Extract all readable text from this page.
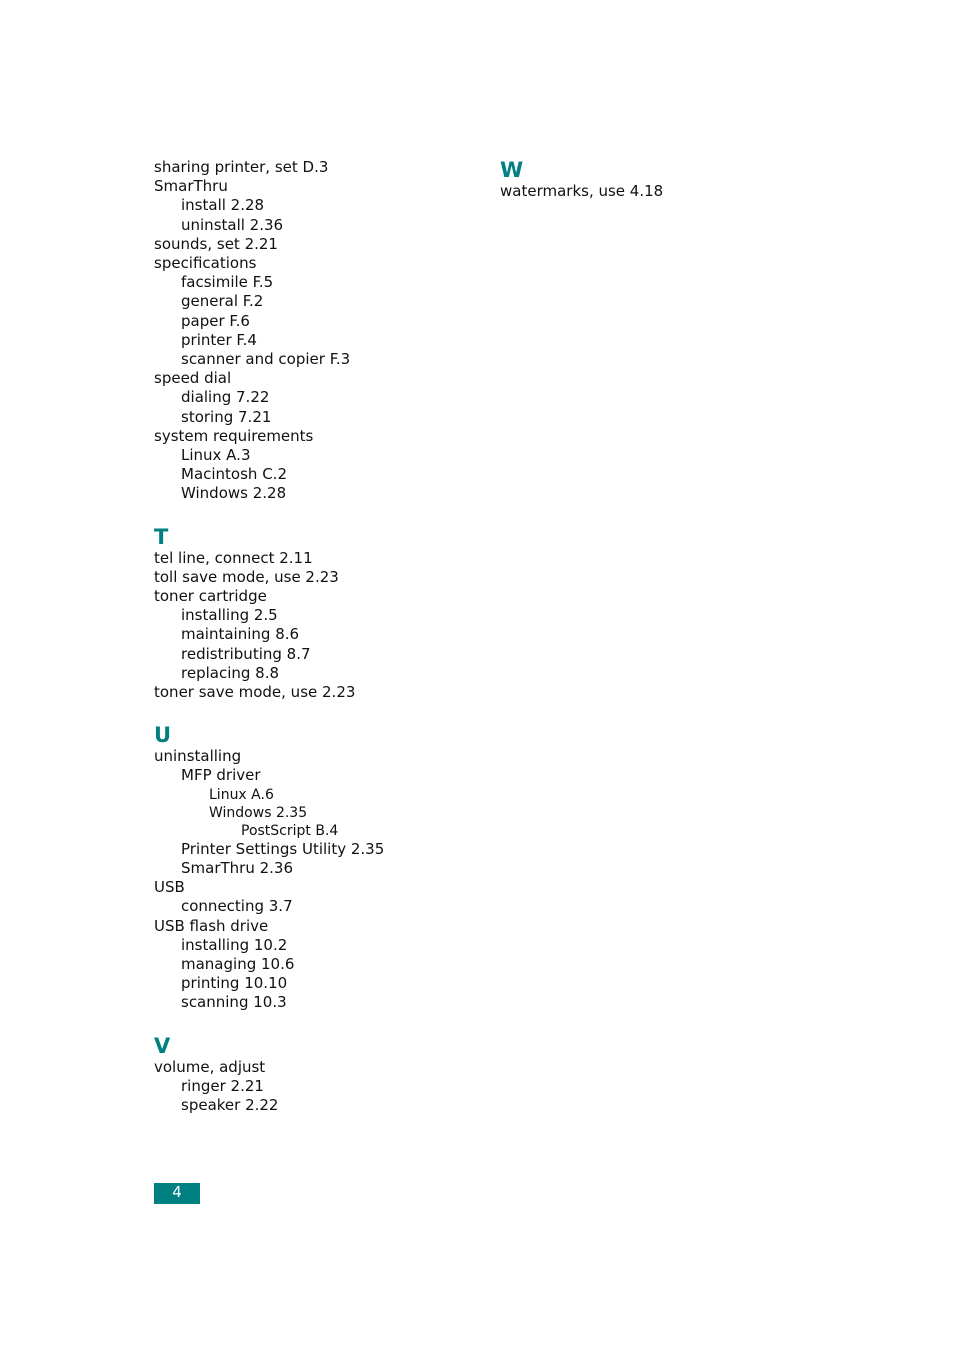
sharing printer, set D.3
SmarThru
install 2.28
uninstall 2.36
sounds, set 2.21
specifications
facsimile F.5
general F.2
paper F.6
printer F.4
scanner and copier F.3
speed dial
dialing 7.22
storing 7.21
system requirements
Linux A.3
Macintosh C.2
Windows 2.28
T
tel line, connect 2.11
toll save mode, use 2.23
toner cartridge
installing 2.5
maintaining 8.6
redistributing 8.7
replacing 8.8
toner save mode, use 2.23
U
uninstalling
MFP driver
Linux A.6
Windows 2.35
PostScript B.4
Printer Settings Utility 2.35
SmarThru 2.36
USB
connecting 3.7
USB flash drive
installing 10.2
managing 10.6
printing 10.10
scanning 10.3
V
volume, adjust
ringer 2.21
speaker 2.22
W
watermarks, use 4.18
4
